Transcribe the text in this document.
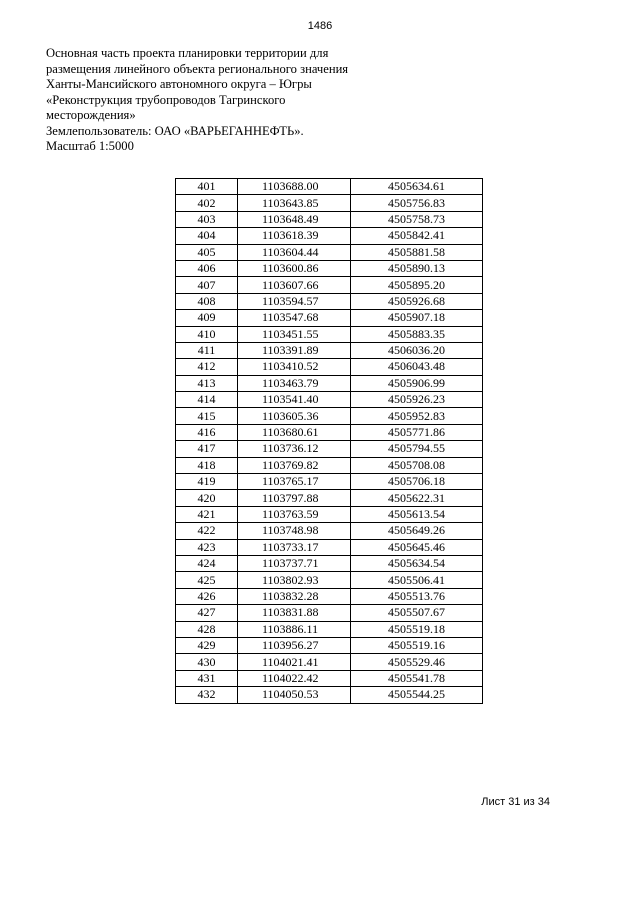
1486
Основная часть проекта планировки территории для
размещения линейного объекта регионального значения
Ханты-Мансийского автономного округа – Югры
«Реконструкция трубопроводов Тагринского
месторождения»
Землепользователь: ОАО «ВАРЬЕГАННЕФТЬ».
Масштаб 1:5000
401	1103688.00	4505634.61
402	1103643.85	4505756.83
403	1103648.49	4505758.73
404	1103618.39	4505842.41
405	1103604.44	4505881.58
406	1103600.86	4505890.13
407	1103607.66	4505895.20
408	1103594.57	4505926.68
409	1103547.68	4505907.18
410	1103451.55	4505883.35
411	1103391.89	4506036.20
412	1103410.52	4506043.48
413	1103463.79	4505906.99
414	1103541.40	4505926.23
415	1103605.36	4505952.83
416	1103680.61	4505771.86
417	1103736.12	4505794.55
418	1103769.82	4505708.08
419	1103765.17	4505706.18
420	1103797.88	4505622.31
421	1103763.59	4505613.54
422	1103748.98	4505649.26
423	1103733.17	4505645.46
424	1103737.71	4505634.54
425	1103802.93	4505506.41
426	1103832.28	4505513.76
427	1103831.88	4505507.67
428	1103886.11	4505519.18
429	1103956.27	4505519.16
430	1104021.41	4505529.46
431	1104022.42	4505541.78
432	1104050.53	4505544.25
Лист 31 из 34
